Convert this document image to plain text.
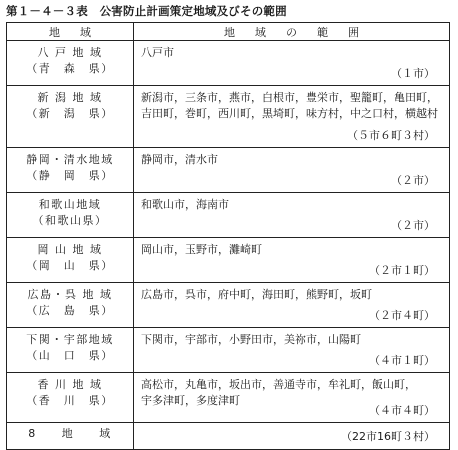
第１－４－３表　公害防止計画策定地域及びその範囲
地域	地域の範囲

八 戸 地 域
（青　森　県）	八戸市
（１市）

新 潟 地 域
（新　潟　県）	新潟市，三条市，燕市，白根市，豊栄市，聖籠町，亀田町，
吉田町，巻町，西川町，黒埼町，味方村，中之口村，横越村
（５市６町３村）

静岡・清水地域
（静　岡　県）	静岡市，清水市
（２市）

和歌山地域
（和歌山県）	和歌山市，海南市
（２市）

岡 山 地 域
（岡　山　県）	岡山市，玉野市，灘崎町
（２市１町）

広島・呉 地 域
（広　島　県）	広島市，呉市，府中町，海田町，熊野町，坂町
（２市４町）

下関・宇部地域
（山　口　県）	下関市，宇部市，小野田市，美祢市，山陽町
（４市１町）

香 川 地 域
（香　川　県）	高松市，丸亀市，坂出市，善通寺市，牟礼町，飯山町，
宇多津町，多度津町
（４市４町）

8　　地　　域	（22市16町３村）
